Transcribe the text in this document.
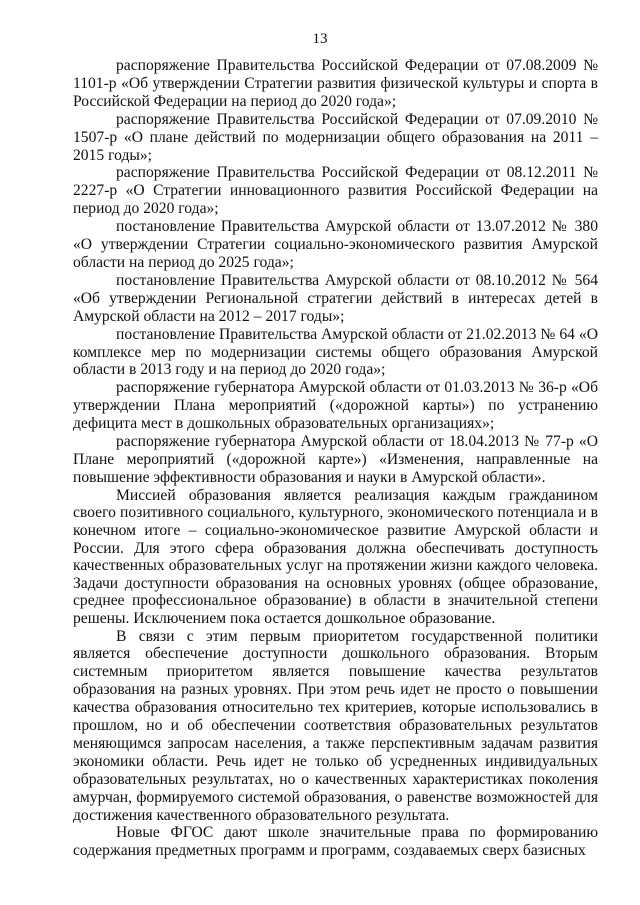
13

распоряжение Правительства Российской Федерации от 07.08.2009 № 1101-р «Об утверждении Стратегии развития физической культуры и спорта в Российской Федерации на период до 2020 года»;

распоряжение Правительства Российской Федерации от 07.09.2010 № 1507-р «О плане действий по модернизации общего образования на 2011 – 2015 годы»;

распоряжение Правительства Российской Федерации от 08.12.2011 № 2227-р «О Стратегии инновационного развития Российской Федерации на период до 2020 года»;

постановление Правительства Амурской области от 13.07.2012 № 380 «О утверждении Стратегии социально-экономического развития Амурской области на период до 2025 года»;

постановление Правительства Амурской области от 08.10.2012 № 564 «Об утверждении Региональной стратегии действий в интересах детей в Амурской области на 2012 – 2017 годы»;

постановление Правительства Амурской области от 21.02.2013 № 64 «О комплексе мер по модернизации системы общего образования Амурской области в 2013 году и на период до 2020 года»;

распоряжение губернатора Амурской области от 01.03.2013 № 36-р «Об утверждении Плана мероприятий («дорожной карты») по устранению дефицита мест в дошкольных образовательных организациях»;

распоряжение губернатора Амурской области от 18.04.2013 № 77-р «О Плане мероприятий («дорожной карте») «Изменения, направленные на повышение эффективности образования и науки в Амурской области».

Миссией образования является реализация каждым гражданином своего позитивного социального, культурного, экономического потенциала и в конечном итоге – социально-экономическое развитие Амурской области и России. Для этого сфера образования должна обеспечивать доступность качественных образовательных услуг на протяжении жизни каждого человека. Задачи доступности образования на основных уровнях (общее образование, среднее профессиональное образование) в области в значительной степени решены. Исключением пока остается дошкольное образование.

В связи с этим первым приоритетом государственной политики является обеспечение доступности дошкольного образования. Вторым системным приоритетом является повышение качества результатов образования на разных уровнях. При этом речь идет не просто о повышении качества образования относительно тех критериев, которые использовались в прошлом, но и об обеспечении соответствия образовательных результатов меняющимся запросам населения, а также перспективным задачам развития экономики области. Речь идет не только об усредненных индивидуальных образовательных результатах, но о качественных характеристиках поколения амурчан, формируемого системой образования, о равенстве возможностей для достижения качественного образовательного результата.

Новые ФГОС дают школе значительные права по формированию содержания предметных программ и программ, создаваемых сверх базисных
